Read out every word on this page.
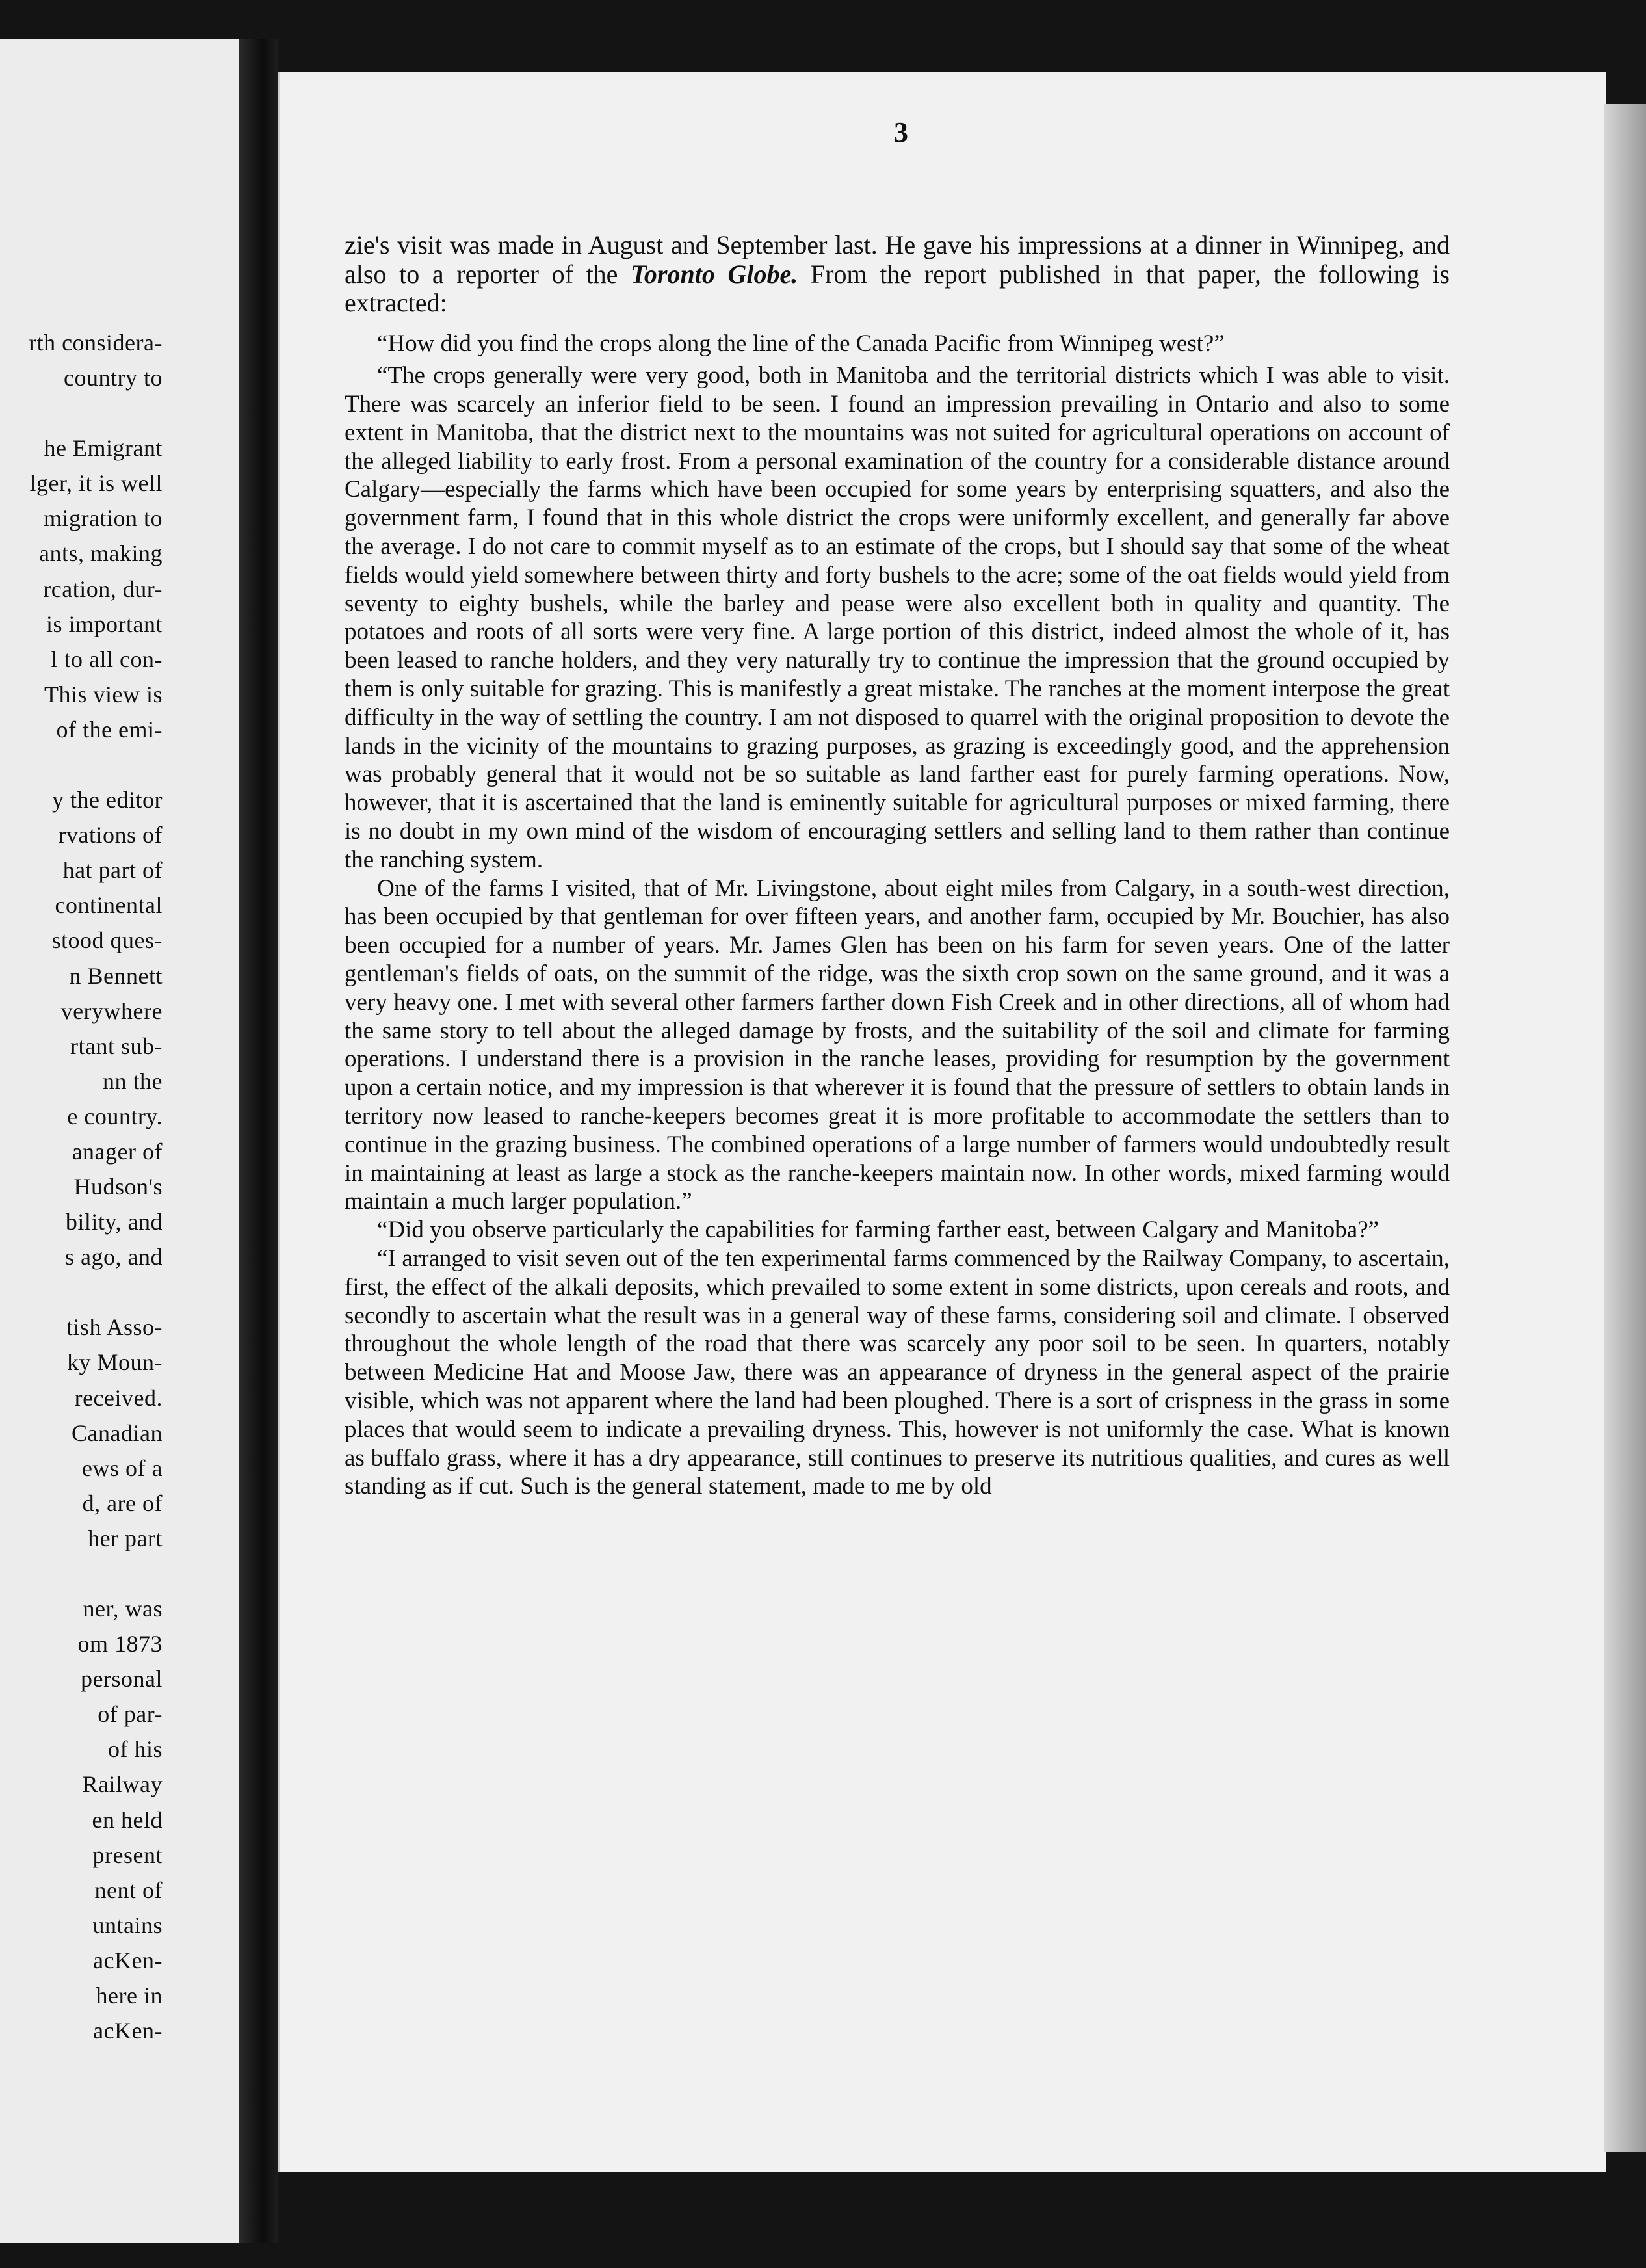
rth considera-
country to
he Emigrant
lger, it is well
migration to
ants, making
rcation, dur-
is important
l to all con-
This view is
of the emi-
y the editor
rvations of
hat part of
continental
stood ques-
n Bennett
verywhere
rtant sub-
nn the
e country.
anager of
Hudson's
bility, and
s ago, and
tish Asso-
ky Moun-
received.
Canadian
ews of a
d, are of
her part
ner, was
om 1873
personal
of par-
of his
Railway
en held
present
nent of
untains
acKen-
here in
acKen-
3

zie's visit was made in August and September last. He gave his impressions at a dinner in Winnipeg, and also to a reporter of the Toronto Globe. From the report published in that paper, the following is extracted:

“How did you find the crops along the line of the Canada Pacific from Winnipeg west?”

“The crops generally were very good, both in Manitoba and the territorial districts which I was able to visit. There was scarcely an inferior field to be seen. I found an impression prevailing in Ontario and also to some extent in Manitoba, that the district next to the mountains was not suited for agricultural operations on account of the alleged liability to early frost. From a personal examination of the country for a considerable distance around Calgary—especially the farms which have been occupied for some years by enterprising squatters, and also the government farm, I found that in this whole district the crops were uniformly excellent, and generally far above the average. I do not care to commit myself as to an estimate of the crops, but I should say that some of the wheat fields would yield somewhere between thirty and forty bushels to the acre; some of the oat fields would yield from seventy to eighty bushels, while the barley and pease were also excellent both in quality and quantity. The potatoes and roots of all sorts were very fine. A large portion of this district, indeed almost the whole of it, has been leased to ranche holders, and they very naturally try to continue the impression that the ground occupied by them is only suitable for grazing. This is manifestly a great mistake. The ranches at the moment interpose the great difficulty in the way of settling the country. I am not disposed to quarrel with the original proposition to devote the lands in the vicinity of the mountains to grazing purposes, as grazing is exceedingly good, and the apprehension was probably general that it would not be so suitable as land farther east for purely farming operations. Now, however, that it is ascertained that the land is eminently suitable for agricultural purposes or mixed farming, there is no doubt in my own mind of the wisdom of encouraging settlers and selling land to them rather than continue the ranching system.

One of the farms I visited, that of Mr. Livingstone, about eight miles from Calgary, in a south-west direction, has been occupied by that gentleman for over fifteen years, and another farm, occupied by Mr. Bouchier, has also been occupied for a number of years. Mr. James Glen has been on his farm for seven years. One of the latter gentleman's fields of oats, on the summit of the ridge, was the sixth crop sown on the same ground, and it was a very heavy one. I met with several other farmers farther down Fish Creek and in other directions, all of whom had the same story to tell about the alleged damage by frosts, and the suitability of the soil and climate for farming operations. I understand there is a provision in the ranche leases, providing for resumption by the government upon a certain notice, and my impression is that wherever it is found that the pressure of settlers to obtain lands in territory now leased to ranche-keepers becomes great it is more profitable to accommodate the settlers than to continue in the grazing business. The combined operations of a large number of farmers would undoubtedly result in maintaining at least as large a stock as the ranche-keepers maintain now. In other words, mixed farming would maintain a much larger population.”

“Did you observe particularly the capabilities for farming farther east, between Calgary and Manitoba?”

“I arranged to visit seven out of the ten experimental farms commenced by the Railway Company, to ascertain, first, the effect of the alkali deposits, which prevailed to some extent in some districts, upon cereals and roots, and secondly to ascertain what the result was in a general way of these farms, considering soil and climate. I observed throughout the whole length of the road that there was scarcely any poor soil to be seen. In quarters, notably between Medicine Hat and Moose Jaw, there was an appearance of dryness in the general aspect of the prairie visible, which was not apparent where the land had been ploughed. There is a sort of crispness in the grass in some places that would seem to indicate a prevailing dryness. This, however is not uniformly the case. What is known as buffalo grass, where it has a dry appearance, still continues to preserve its nutritious qualities, and cures as well standing as if cut. Such is the general statement, made to me by old
